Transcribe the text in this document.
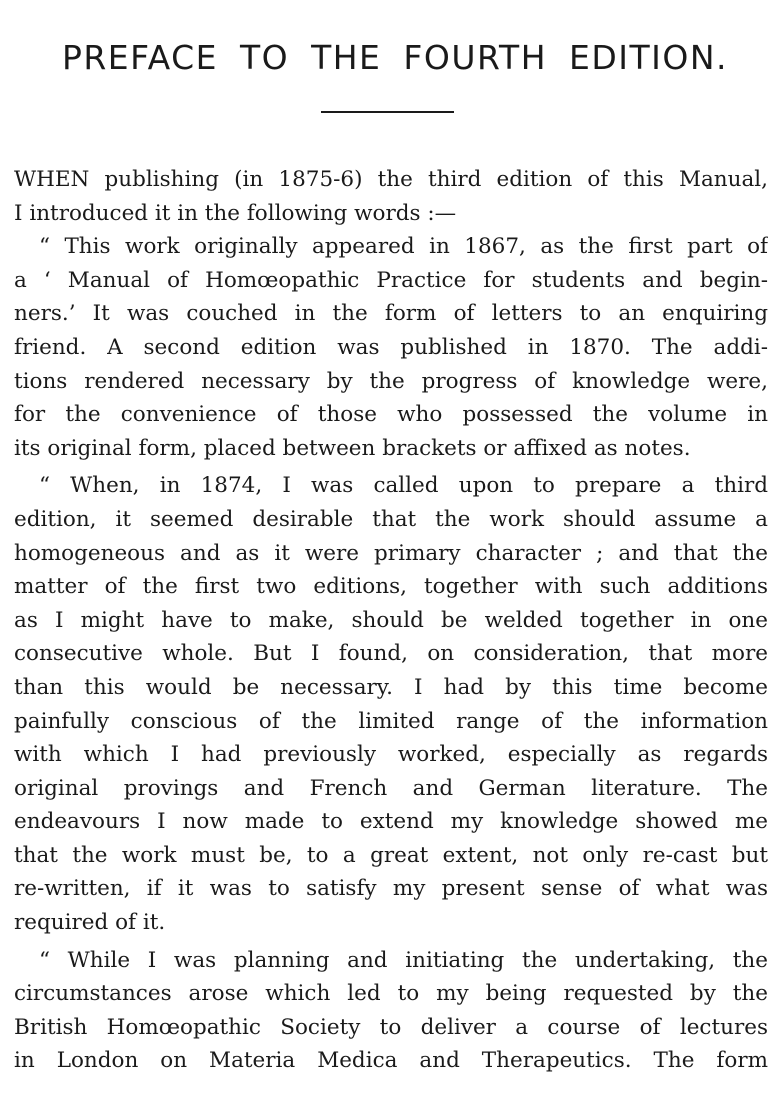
PREFACE TO THE FOURTH EDITION.
WHEN publishing (in 1875-6) the third edition of this Manual,
I introduced it in the following words :—
“ This work originally appeared in 1867, as the first part of
a ‘ Manual of Homœopathic Practice for students and begin-
ners.’ It was couched in the form of letters to an enquiring
friend. A second edition was published in 1870. The addi-
tions rendered necessary by the progress of knowledge were,
for the convenience of those who possessed the volume in
its original form, placed between brackets or affixed as notes.
“ When, in 1874, I was called upon to prepare a third
edition, it seemed desirable that the work should assume a
homogeneous and as it were primary character ; and that the
matter of the first two editions, together with such additions
as I might have to make, should be welded together in one
consecutive whole. But I found, on consideration, that more
than this would be necessary. I had by this time become
painfully conscious of the limited range of the information
with which I had previously worked, especially as regards
original provings and French and German literature. The
endeavours I now made to extend my knowledge showed me
that the work must be, to a great extent, not only re-cast but
re-written, if it was to satisfy my present sense of what was
required of it.
“ While I was planning and initiating the undertaking, the
circumstances arose which led to my being requested by the
British Homœopathic Society to deliver a course of lectures
in London on Materia Medica and Therapeutics. The form
